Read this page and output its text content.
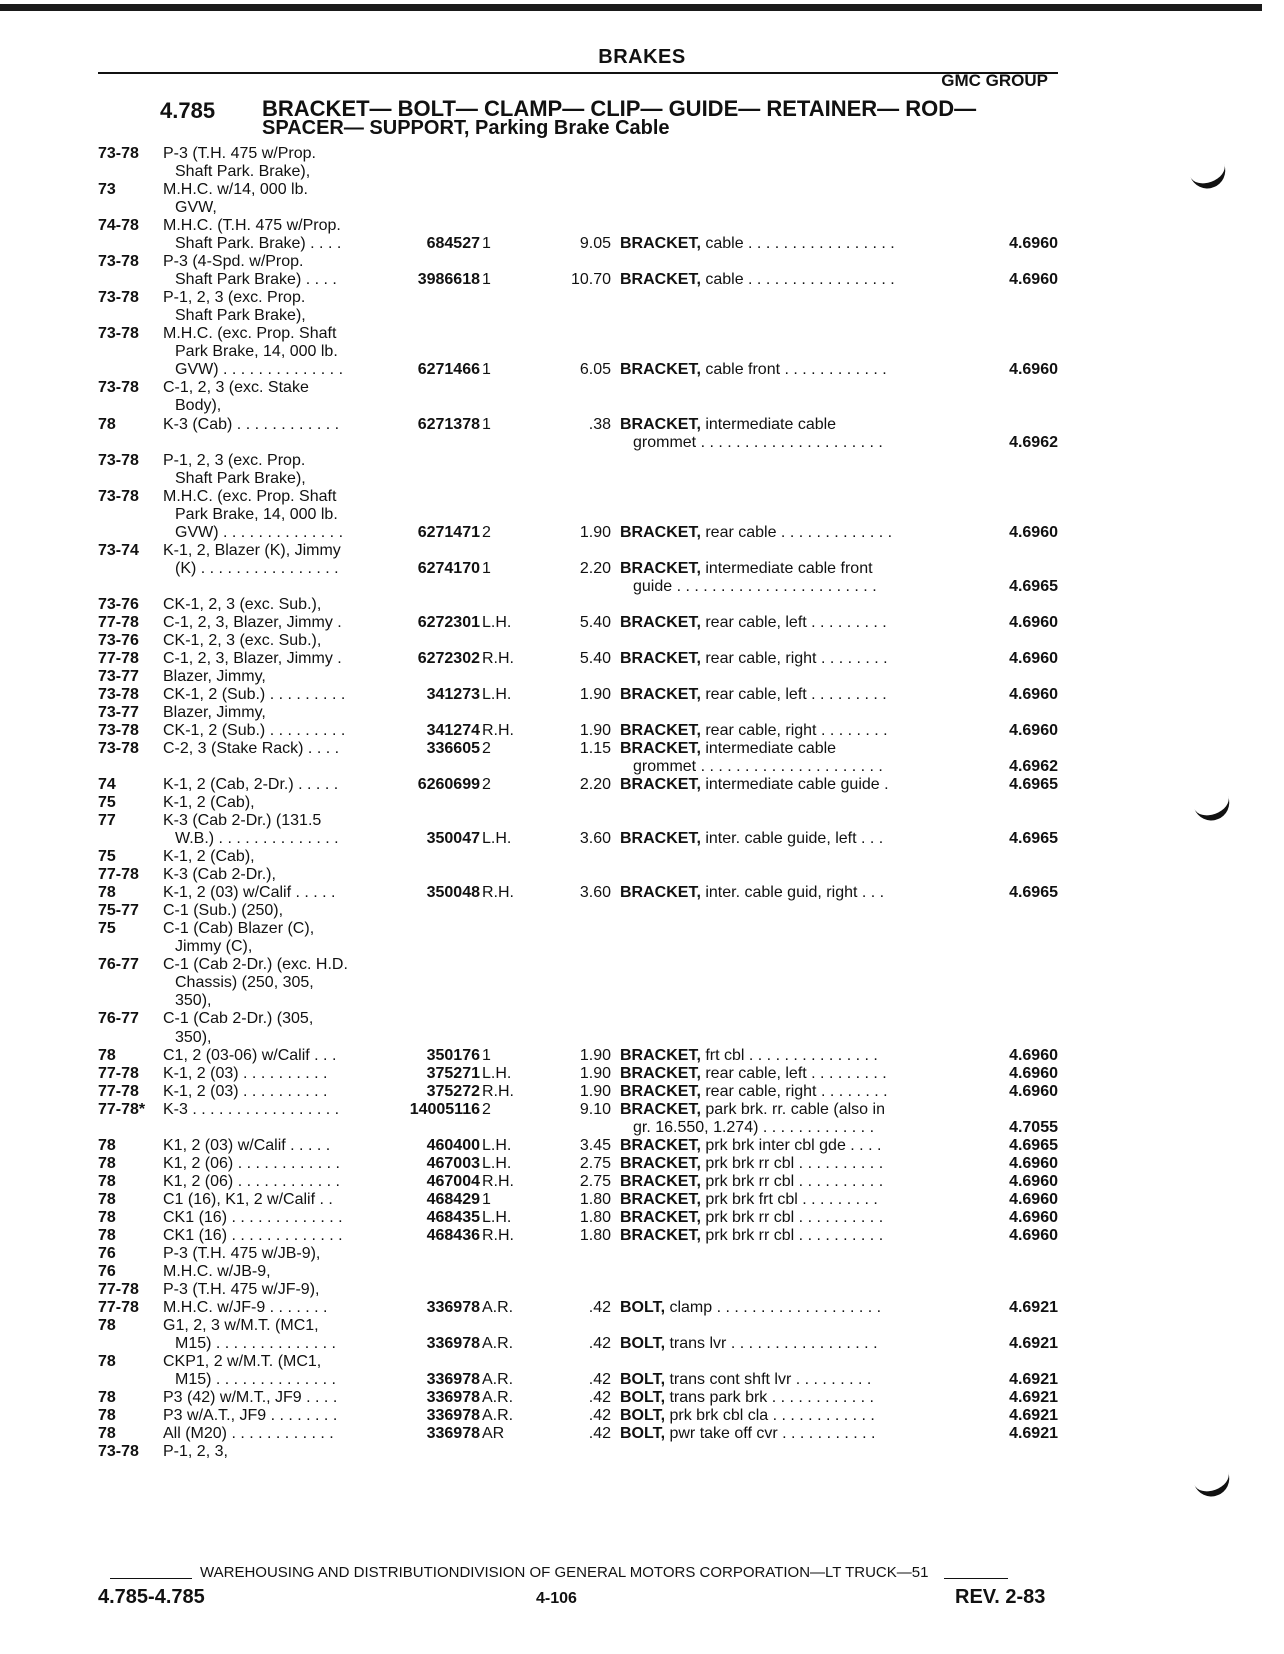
BRAKES
GMC GROUP
4.785 BRACKET— BOLT— CLAMP— CLIP— GUIDE— RETAINER— ROD—
SPACER— SUPPORT, Parking Brake Cable
73-78	P-3 (T.H. 475 w/Prop.
Shaft Park. Brake),
73	M.H.C. w/14, 000 lb.
GVW,
74-78	M.H.C. (T.H. 475 w/Prop.
Shaft Park. Brake) . . . .	684527 1	9.05 BRACKET, cable . . . . . . . . . . . . . . . . .	4.6960
73-78	P-3 (4-Spd. w/Prop.
Shaft Park Brake) . . . .	3986618 1	10.70 BRACKET, cable . . . . . . . . . . . . . . . . .	4.6960
73-78	P-1, 2, 3 (exc. Prop.
Shaft Park Brake),
73-78	M.H.C. (exc. Prop. Shaft
Park Brake, 14, 000 lb.
GVW) . . . . . . . . . . . . . .	6271466 1	6.05 BRACKET, cable front . . . . . . . . . . . .	4.6960
73-78	C-1, 2, 3 (exc. Stake
Body),
78	K-3 (Cab) . . . . . . . . . . . .	6271378 1	.38 BRACKET, intermediate cable
grommet . . . . . . . . . . . . . . . . . . . . .	4.6962
73-78	P-1, 2, 3 (exc. Prop.
Shaft Park Brake),
73-78	M.H.C. (exc. Prop. Shaft
Park Brake, 14, 000 lb.
GVW) . . . . . . . . . . . . . .	6271471 2	1.90 BRACKET, rear cable . . . . . . . . . . . . .	4.6960
73-74	K-1, 2, Blazer (K), Jimmy
(K) . . . . . . . . . . . . . . . .	6274170 1	2.20 BRACKET, intermediate cable front
guide . . . . . . . . . . . . . . . . . . . . . . .	4.6965
73-76	CK-1, 2, 3 (exc. Sub.),
77-78	C-1, 2, 3, Blazer, Jimmy .	6272301 L.H.	5.40 BRACKET, rear cable, left . . . . . . . . .	4.6960
73-76	CK-1, 2, 3 (exc. Sub.),
77-78	C-1, 2, 3, Blazer, Jimmy .	6272302 R.H.	5.40 BRACKET, rear cable, right . . . . . . . .	4.6960
73-77	Blazer, Jimmy,
73-78	CK-1, 2 (Sub.) . . . . . . . . .	341273 L.H.	1.90 BRACKET, rear cable, left . . . . . . . . .	4.6960
73-77	Blazer, Jimmy,
73-78	CK-1, 2 (Sub.) . . . . . . . . .	341274 R.H.	1.90 BRACKET, rear cable, right . . . . . . . .	4.6960
73-78	C-2, 3 (Stake Rack) . . . .	336605 2	1.15 BRACKET, intermediate cable
grommet . . . . . . . . . . . . . . . . . . . . .	4.6962
74	K-1, 2 (Cab, 2-Dr.) . . . . .	6260699 2	2.20 BRACKET, intermediate cable guide .	4.6965
75	K-1, 2 (Cab),
77	K-3 (Cab 2-Dr.) (131.5
W.B.) . . . . . . . . . . . . . .	350047 L.H.	3.60 BRACKET, inter. cable guide, left . . .	4.6965
75	K-1, 2 (Cab),
77-78	K-3 (Cab 2-Dr.),
78	K-1, 2 (03) w/Calif . . . . .	350048 R.H.	3.60 BRACKET, inter. cable guid, right . . .	4.6965
75-77	C-1 (Sub.) (250),
75	C-1 (Cab) Blazer (C),
Jimmy (C),
76-77	C-1 (Cab 2-Dr.) (exc. H.D.
Chassis) (250, 305,
350),
76-77	C-1 (Cab 2-Dr.) (305,
350),
78	C1, 2 (03-06) w/Calif . . .	350176 1	1.90 BRACKET, frt cbl . . . . . . . . . . . . . . .	4.6960
77-78	K-1, 2 (03) . . . . . . . . . .	375271 L.H.	1.90 BRACKET, rear cable, left . . . . . . . . .	4.6960
77-78	K-1, 2 (03) . . . . . . . . . .	375272 R.H.	1.90 BRACKET, rear cable, right . . . . . . . .	4.6960
77-78*	K-3 . . . . . . . . . . . . . . . . .	14005116 2	9.10 BRACKET, park brk. rr. cable (also in
gr. 16.550, 1.274) . . . . . . . . . . . . .	4.7055
78	K1, 2 (03) w/Calif . . . . .	460400 L.H.	3.45 BRACKET, prk brk inter cbl gde . . . .	4.6965
78	K1, 2 (06) . . . . . . . . . . . .	467003 L.H.	2.75 BRACKET, prk brk rr cbl . . . . . . . . . .	4.6960
78	K1, 2 (06) . . . . . . . . . . . .	467004 R.H.	2.75 BRACKET, prk brk rr cbl . . . . . . . . . .	4.6960
78	C1 (16), K1, 2 w/Calif . .	468429 1	1.80 BRACKET, prk brk frt cbl . . . . . . . . .	4.6960
78	CK1 (16) . . . . . . . . . . . . .	468435 L.H.	1.80 BRACKET, prk brk rr cbl . . . . . . . . . .	4.6960
78	CK1 (16) . . . . . . . . . . . . .	468436 R.H.	1.80 BRACKET, prk brk rr cbl . . . . . . . . . .	4.6960
76	P-3 (T.H. 475 w/JB-9),
76	M.H.C. w/JB-9,
77-78	P-3 (T.H. 475 w/JF-9),
77-78	M.H.C. w/JF-9 . . . . . . .	336978 A.R.	.42 BOLT, clamp . . . . . . . . . . . . . . . . . . .	4.6921
78	G1, 2, 3 w/M.T. (MC1,
M15) . . . . . . . . . . . . . .	336978 A.R.	.42 BOLT, trans lvr . . . . . . . . . . . . . . . . .	4.6921
78	CKP1, 2 w/M.T. (MC1,
M15) . . . . . . . . . . . . . .	336978 A.R.	.42 BOLT, trans cont shft lvr . . . . . . . . .	4.6921
78	P3 (42) w/M.T., JF9 . . . .	336978 A.R.	.42 BOLT, trans park brk . . . . . . . . . . . .	4.6921
78	P3 w/A.T., JF9 . . . . . . . .	336978 A.R.	.42 BOLT, prk brk cbl cla . . . . . . . . . . . .	4.6921
78	All (M20) . . . . . . . . . . . .	336978 AR	.42 BOLT, pwr take off cvr . . . . . . . . . . .	4.6921
73-78	P-1, 2, 3,
WAREHOUSING AND DISTRIBUTIONDIVISION OF GENERAL MOTORS CORPORATION—LT TRUCK—51
4.785-4.785	4-106	REV. 2-83
